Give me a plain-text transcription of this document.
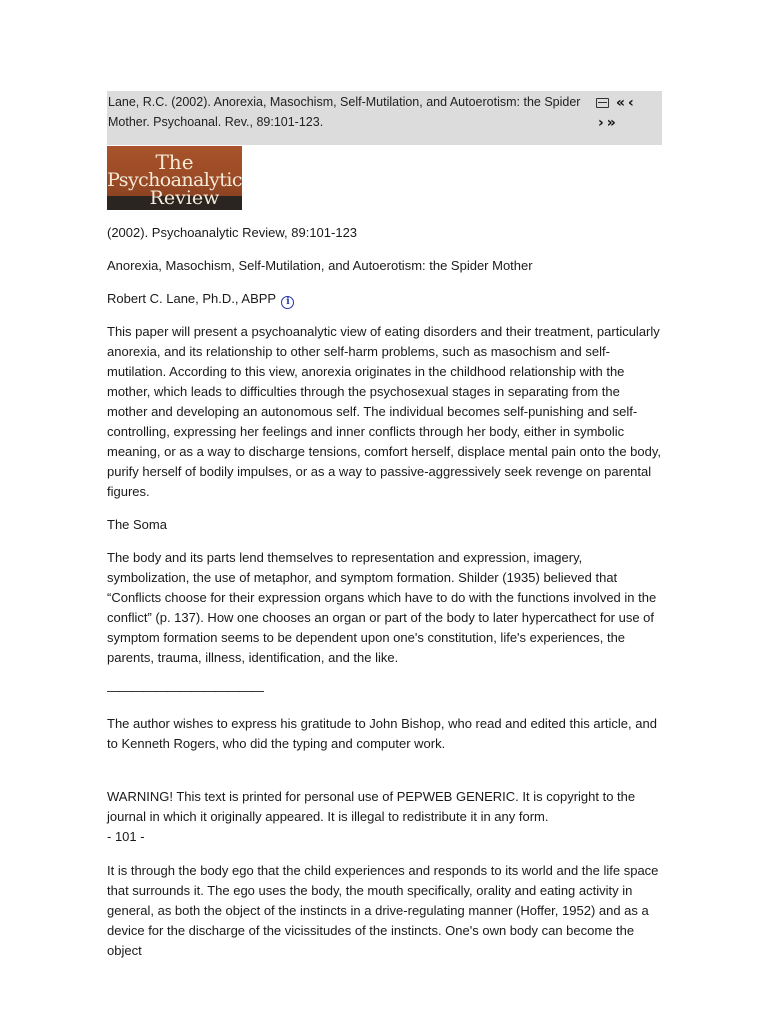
Lane, R.C. (2002). Anorexia, Masochism, Self-Mutilation, and Autoerotism: the Spider
Mother. Psychoanal. Rev., 89:101-123.
« ‹
› »
The
Psychoanalytic
Review

(2002). Psychoanalytic Review, 89:101-123

Anorexia, Masochism, Self-Mutilation, and Autoerotism: the Spider Mother

Robert C. Lane, Ph.D., ABPP i

This paper will present a psychoanalytic view of eating disorders and their treatment, particularly anorexia, and its relationship to other self-harm problems, such as masochism and self-mutilation. According to this view, anorexia originates in the childhood relationship with the mother, which leads to difficulties through the psychosexual stages in separating from the mother and developing an autonomous self. The individual becomes self-punishing and self-controlling, expressing her feelings and inner conflicts through her body, either in symbolic meaning, or as a way to discharge tensions, comfort herself, displace mental pain onto the body, purify herself of bodily impulses, or as a way to passive-aggressively seek revenge on parental figures.

The Soma

The body and its parts lend themselves to representation and expression, imagery, symbolization, the use of metaphor, and symptom formation. Shilder (1935) believed that “Conflicts choose for their expression organs which have to do with the functions involved in the conflict” (p. 137). How one chooses an organ or part of the body to later hypercathect for use of symptom formation seems to be dependent upon one's constitution, life's experiences, the parents, trauma, illness, identification, and the like.

—————————————

The author wishes to express his gratitude to John Bishop, who read and edited this article, and to Kenneth Rogers, who did the typing and computer work.

WARNING! This text is printed for personal use of PEPWEB GENERIC. It is copyright to the journal in which it originally appeared. It is illegal to redistribute it in any form.

- 101 -

It is through the body ego that the child experiences and responds to its world and the life space that surrounds it. The ego uses the body, the mouth specifically, orality and eating activity in general, as both the object of the instincts in a drive-regulating manner (Hoffer, 1952) and as a device for the discharge of the vicissitudes of the instincts. One's own body can become the object
